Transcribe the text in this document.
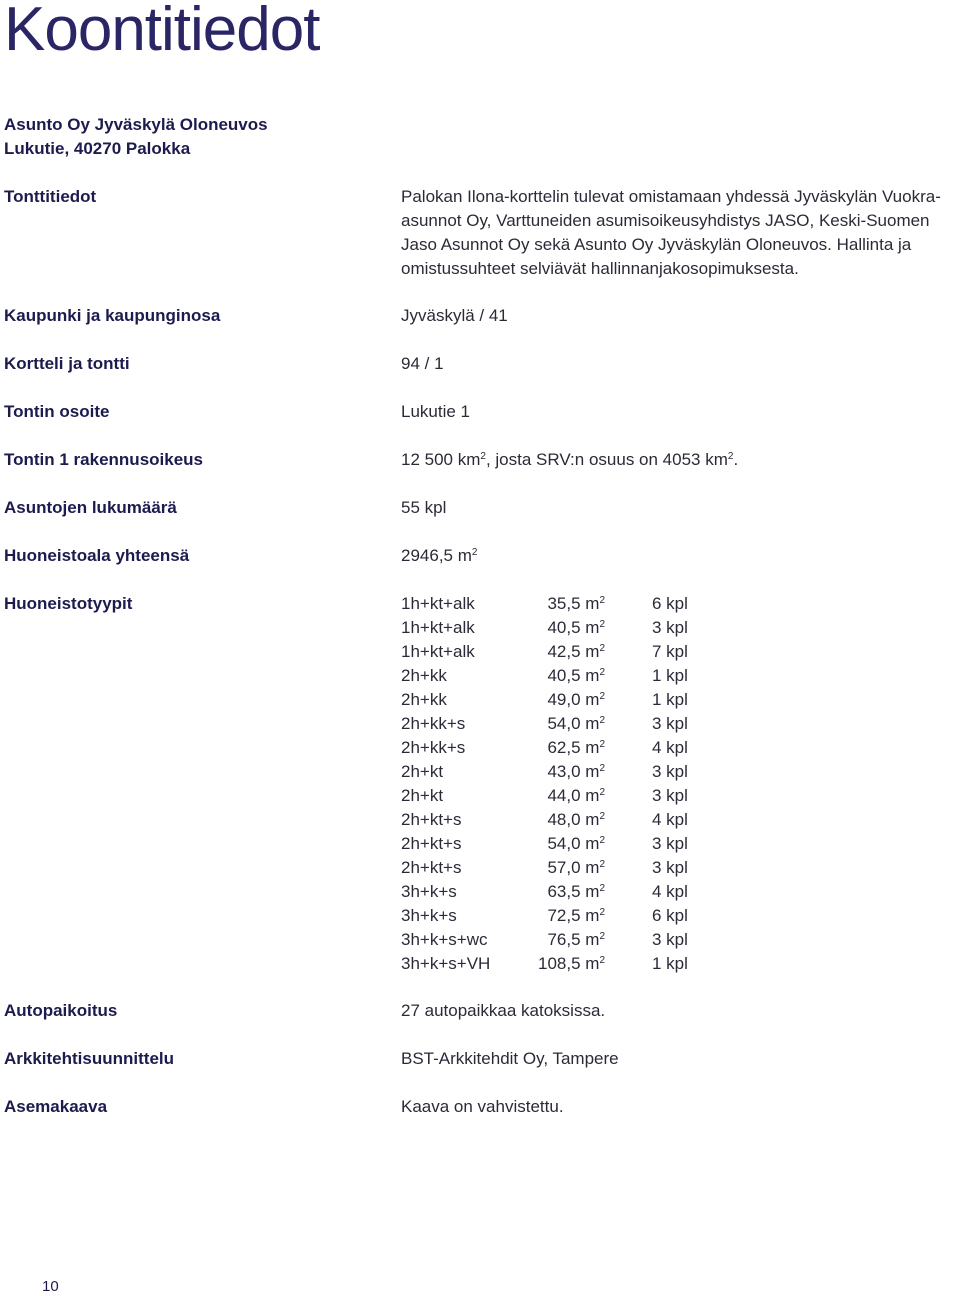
Koontitiedot
Asunto Oy Jyväskylä Oloneuvos
Lukutie, 40270 Palokka
Tonttitiedot	Palokan Ilona-korttelin tulevat omistamaan yhdessä Jyväskylän Vuokra-asunnot Oy, Varttuneiden asumisoikeusyhdistys JASO, Keski-Suomen Jaso Asunnot Oy sekä Asunto Oy Jyväskylän Oloneuvos. Hallinta ja omistussuhteet selviävät hallinnanjakosopimuksesta.
Kaupunki ja kaupunginosa	Jyväskylä / 41
Kortteli ja tontti	94 / 1
Tontin osoite	Lukutie 1
Tontin 1 rakennusoikeus	12 500 $km^2$, josta SRV:n osuus on 4053 $km^2$.
Asuntojen lukumäärä	55 kpl
Huoneistoala yhteensä	2946,5 $m^2$
Huoneistotyypit	1h+kt+alk	35,5 $m^2$	6 kpl
1h+kt+alk	40,5 $m^2$	3 kpl
1h+kt+alk	42,5 $m^2$	7 kpl
2h+kk	40,5 $m^2$	1 kpl
2h+kk	49,0 $m^2$	1 kpl
2h+kk+s	54,0 $m^2$	3 kpl
2h+kk+s	62,5 $m^2$	4 kpl
2h+kt	43,0 $m^2$	3 kpl
2h+kt	44,0 $m^2$	3 kpl
2h+kt+s	48,0 $m^2$	4 kpl
2h+kt+s	54,0 $m^2$	3 kpl
2h+kt+s	57,0 $m^2$	3 kpl
3h+k+s	63,5 $m^2$	4 kpl
3h+k+s	72,5 $m^2$	6 kpl
3h+k+s+wc	76,5 $m^2$	3 kpl
3h+k+s+VH	108,5 $m^2$	1 kpl
Autopaikoitus	27 autopaikkaa katoksissa.
Arkkitehtisuunnittelu	BST-Arkkitehdit Oy, Tampere
Asemakaava	Kaava on vahvistettu.
10
